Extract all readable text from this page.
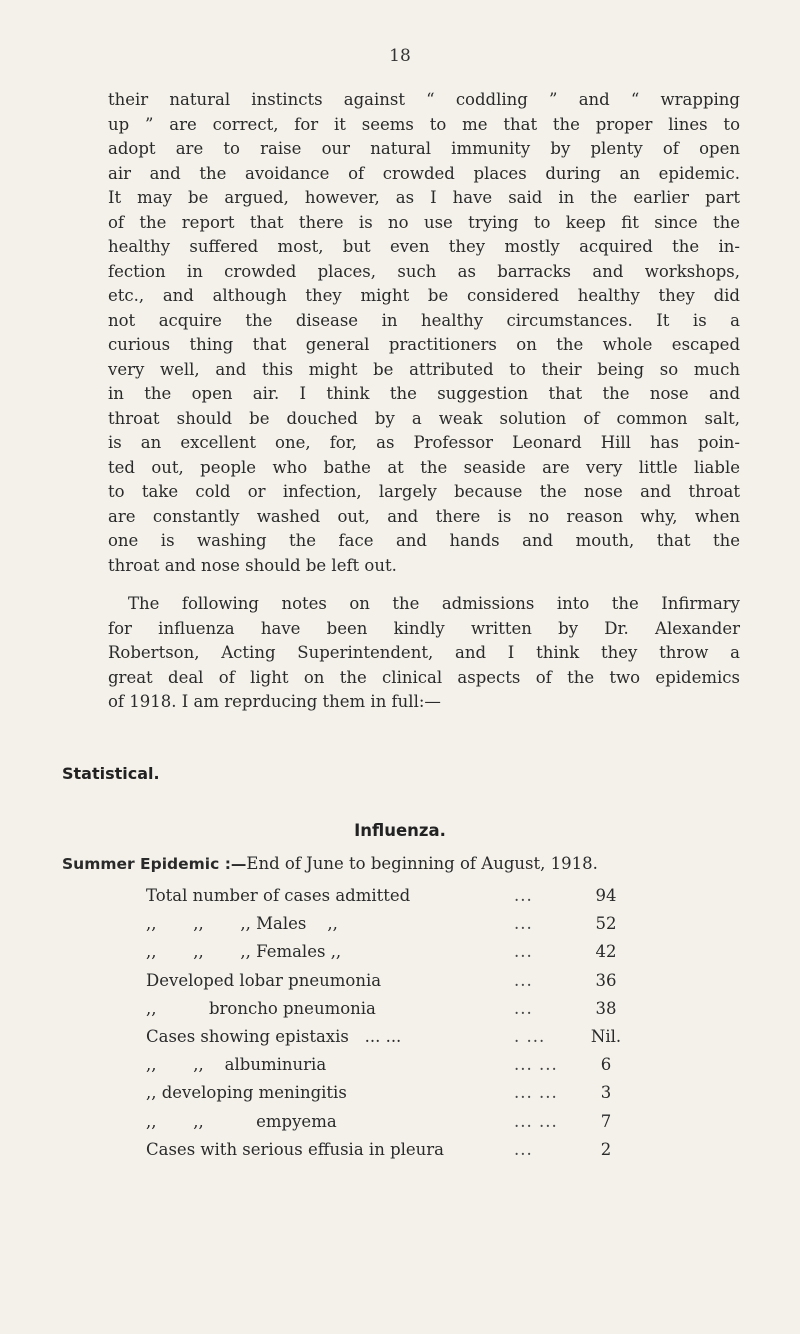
18
their natural instincts against “ coddling ” and “ wrapping
up ” are correct, for it seems to me that the proper lines to
adopt are to raise our natural immunity by plenty of open
air and the avoidance of crowded places during an epidemic.
It may be argued, however, as I have said in the earlier part
of the report that there is no use trying to keep fit since the
healthy suffered most, but even they mostly acquired the in-
fection in crowded places, such as barracks and workshops,
etc., and although they might be considered healthy they did
not acquire the disease in healthy circumstances. It is a
curious thing that general practitioners on the whole escaped
very well, and this might be attributed to their being so much
in the open air. I think the suggestion that the nose and
throat should be douched by a weak solution of common salt,
is an excellent one, for, as Professor Leonard Hill has poin-
ted out, people who bathe at the seaside are very little liable
to take cold or infection, largely because the nose and throat
are constantly washed out, and there is no reason why, when
one is washing the face and hands and mouth, that the
throat and nose should be left out.
The following notes on the admissions into the Infirmary
for influenza have been kindly written by Dr. Alexander
Robertson, Acting Superintendent, and I think they throw a
great deal of light on the clinical aspects of the two epidemics
of 1918. I am reprducing them in full:—
Statistical.
Influenza.
Summer Epidemic :—End of June to beginning of August, 1918.
Total number of cases admitted	...	94
,,       ,,       ,, Males    ,,	...	52
,,       ,,       ,, Females ,,	...	42
Developed lobar pneumonia	...	36
,,          broncho pneumonia	...	38
Cases showing epistaxis   ... ...	. ...	Nil.
,,       ,,    albuminuria	... ...	6
,, developing meningitis	... ...	3
,,       ,,          empyema	... ...	7
Cases with serious effusia in pleura	...	2
